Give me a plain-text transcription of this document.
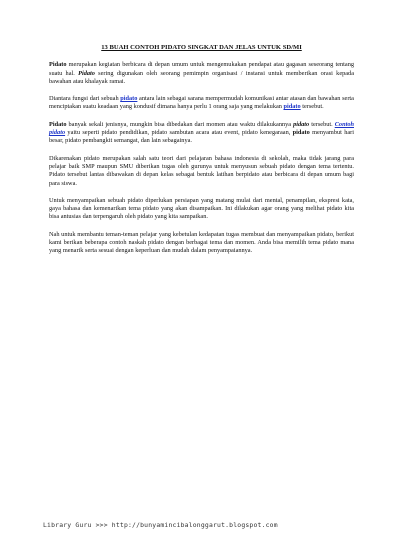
13 BUAH CONTOH PIDATO SINGKAT DAN JELAS UNTUK SD/MI

Pidato merupakan kegiatan berbicara di depan umum untuk mengemukakan pendapat atau gagasan seseorang tentang suatu hal. Pidato sering digunakan oleh seorang pemimpin organisasi / instansi untuk memberikan orasi kepada bawahan atau khalayak ramai.

Diantara fungsi dari sebuah pidato antara lain sebagai sarana mempermudah komunikasi antar atasan dan bawahan serta menciptakan suatu keadaan yang kondusif dimana hanya perlu 1 orang saja yang melakukan pidato tersebut.

Pidato banyak sekali jenisnya, mungkin bisa dibedakan dari momen atau waktu dilakukannya pidato tersebut. Contoh pidato yaitu seperti pidato pendidikan, pidato sambutan acara atau event, pidato kenegaraan, pidato menyambut hari besar, pidato pembangkit semangat, dan lain sebagainya.

Dikarenakan pidato merupakan salah satu teori dari pelajaran bahasa indonesia di sekolah, maka tidak jarang para pelajar baik SMP maupun SMU diberikan tugas oleh gurunya untuk menyusun sebuah pidato dengan tema tertentu. Pidato tersebut lantas dibawakan di depan kelas sebagai bentuk latihan berpidato atau berbicara di depan umum bagi para siswa.

Untuk menyampaikan sebuah pidato diperlukan persiapan yang matang mulai dari mental, penampilan, ekspresi kata, gaya bahasa dan kemenarikan tema pidato yang akan disampaikan. Ini dilakukan agar orang yang melihat pidato kita bisa antusias dan terpengaruh oleh pidato yang kita sampaikan.

Nah untuk membantu teman-teman pelajar yang kebetulan kedapatan tugas membuat dan menyampaikan pidato, berikut kami berikan beberapa contoh naskah pidato dengan berbagai tema dan momen. Anda bisa memilih tema pidato mana yang menarik serta sesuai dengan keperluan dan mudah dalam penyampaiannya.

Library Guru >>> http://bunyamincibalonggarut.blogspot.com
